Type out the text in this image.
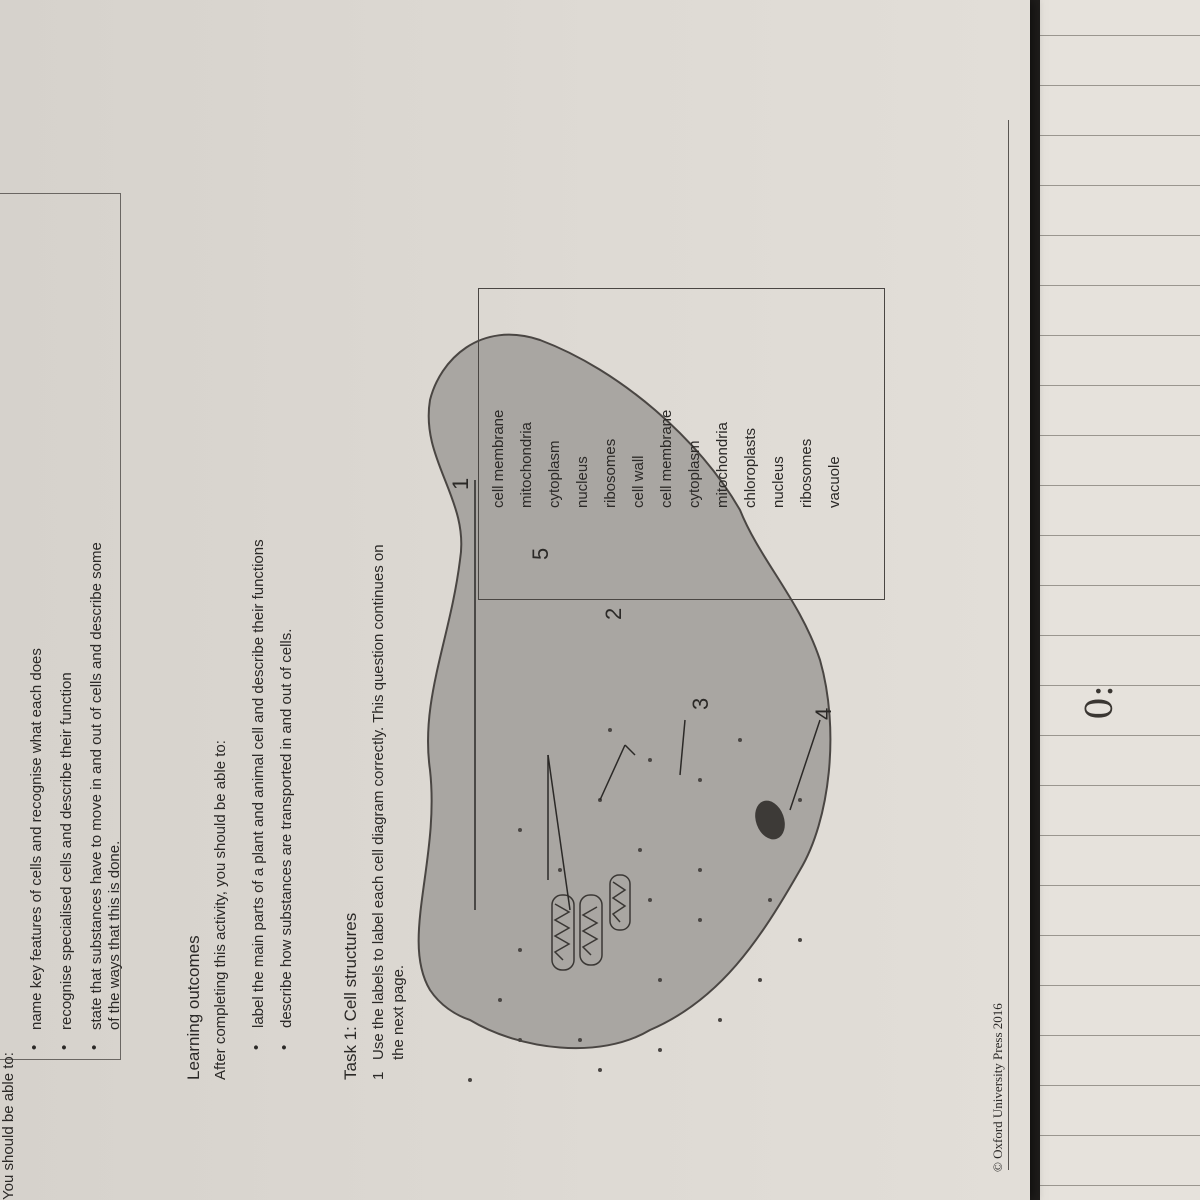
0:
You should be able to:
•
name key features of cells and recognise what each does
•
recognise specialised cells and describe their function
•
state that substances have to move in and out of cells and describe some of the ways that this is done.	Learning outcomes After completing this activity, you should be able to: •
label the main parts of a plant and animal cell and describe their functions
•
describe how substances are transported in and out of cells.	Task 1: Cell structures 1
Use the labels to label each cell diagram correctly. This question continues on the next page.
1
5
2
3
4
cell membrane mitochondria cytoplasm nucleus ribosomes cell wall cell membrane cytoplasm mitochondria chloroplasts nucleus ribosomes vacuole
© Oxford University Press 2016
